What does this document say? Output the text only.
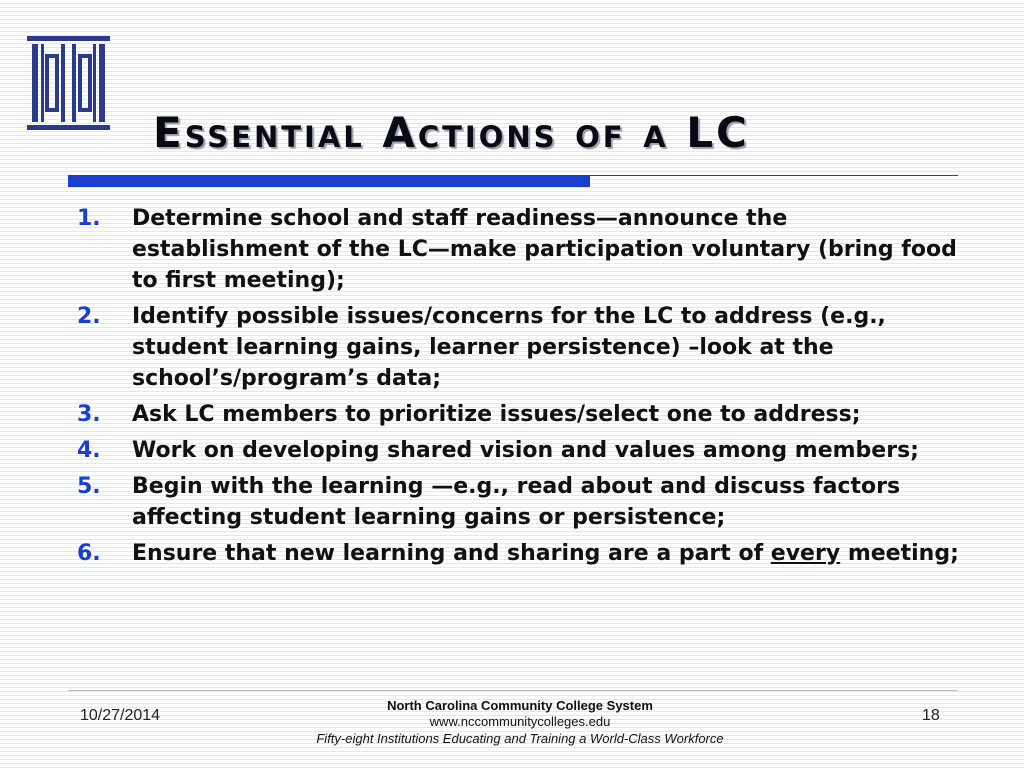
Essential Actions of a LC
1.	Determine school and staff readiness—announce the establishment of the LC—make participation voluntary (bring food to first meeting);
2.	Identify possible issues/concerns for the LC to address (e.g., student learning gains, learner persistence) –look at the school’s/program’s data;
3.	Ask LC members to prioritize issues/select one to address;
4.	Work on developing shared vision and values among members;
5.	Begin with the learning —e.g., read about and discuss factors affecting student learning gains or persistence;
6.	Ensure that new learning and sharing are a part of every meeting;
10/27/2014
North Carolina Community College System
www.nccommunitycolleges.edu
Fifty-eight Institutions Educating and Training a World-Class Workforce
18
